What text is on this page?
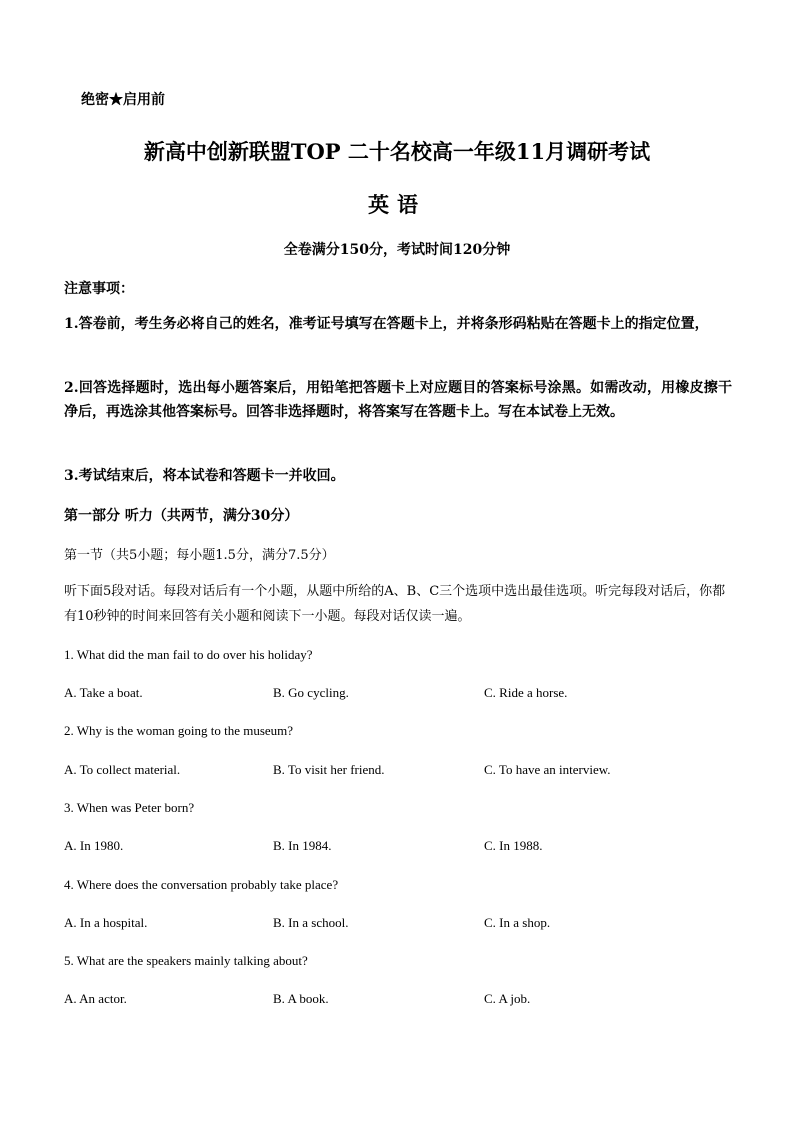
绝密★启用前
新高中创新联盟TOP 二十名校高一年级11月调研考试
英语
全卷满分150分，考试时间120分钟
注意事项：
1.答卷前，考生务必将自己的姓名，准考证号填写在答题卡上，并将条形码粘贴在答题卡上的指定位置，
2.回答选择题时，选出每小题答案后，用铅笔把答题卡上对应题目的答案标号涂黑。如需改动，用橡皮擦干净后，再选涂其他答案标号。回答非选择题时，将答案写在答题卡上。写在本试卷上无效。
3.考试结束后，将本试卷和答题卡一并收回。
第一部分 听力（共两节，满分30分）
第一节（共5小题；每小题1.5分，满分7.5分）
听下面5段对话。每段对话后有一个小题，从题中所给的A、B、C三个选项中选出最佳选项。听完每段对话后，你都有10秒钟的时间来回答有关小题和阅读下一小题。每段对话仅读一遍。
1. What did the man fail to do over his holiday?
A. Take a boat.	B. Go cycling.	C. Ride a horse.
2. Why is the woman going to the museum?
A. To collect material.	B. To visit her friend.	C. To have an interview.
3. When was Peter born?
A. In 1980.	B. In 1984.	C. In 1988.
4. Where does the conversation probably take place?
A. In a hospital.	B. In a school.	C. In a shop.
5. What are the speakers mainly talking about?
A. An actor.	B. A book.	C. A job.
